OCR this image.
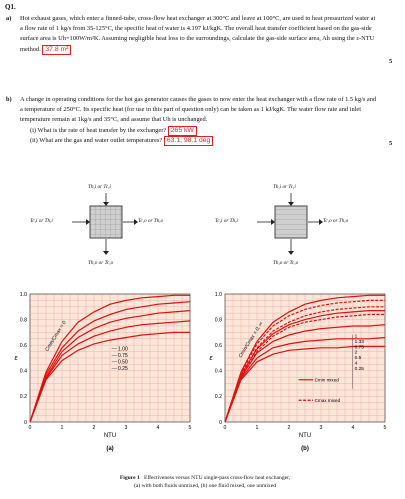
Q1.
a)	Hot exhaust gases, which enter a finned-tube, cross-flow heat exchanger at 300°C and leave at 100°C, are used to heat pressurized water at a flow rate of 1 kg/s from 35-125°C, the specific heat of water is 4.197 kJ/kgK. The overall heat transfer coefficient based on the gas-side surface area is Uh=100W/m²K. Assuming negligible heat loss to the surroundings, calculate the gas-side surface area, Ah using the ε-NTU method. 37.8 m²
5
b)	A change in operating conditions for the hot gas generator causes the gases to now enter the heat exchanger with a flow rate of 1.5 kg/s and a temperature of 250°C. Its specific heat (for use in this part of question only) can be taken as 1 kJ/kgK. The water flow rate and inlet temperature remain at 1kg/s and 35°C, and assume that Uh is unchanged.
(i) What is the rate of heat transfer by the exchanger? 265 kW
(ii) What are the gas and water outlet temperatures? 63.1, 98.1 deg	5
Th,i or Tc,i
Tc,i or Th,i	Tc,o or Th,o
Th,o or Tc,o
Th,i or Tc,i
Tc,i or Th,i	Tc,o or Th,o
Th,o or Tc,o
0	1	2	3	4	5
0
0.2
0.4
0.6
0.8
1.0
NTU
ε
Cmin/Cmax = 0	1.00
0.75
0.50
0.25
(a)
0	1	2	3	4	5
0
0.2
0.4
0.6
0.8
1.0
NTU
ε	Cmin/Cmax = 0, ∞	1
1.33
0.75
2
0.5
4
0.25
Cmin mixed
Cmax mixed
(b)
Figure 1 Effectiveness versus NTU single-pass cross-flow heat exchanger,
(a) with both fluids unmixed, (b) one fluid mixed, one unmixed
